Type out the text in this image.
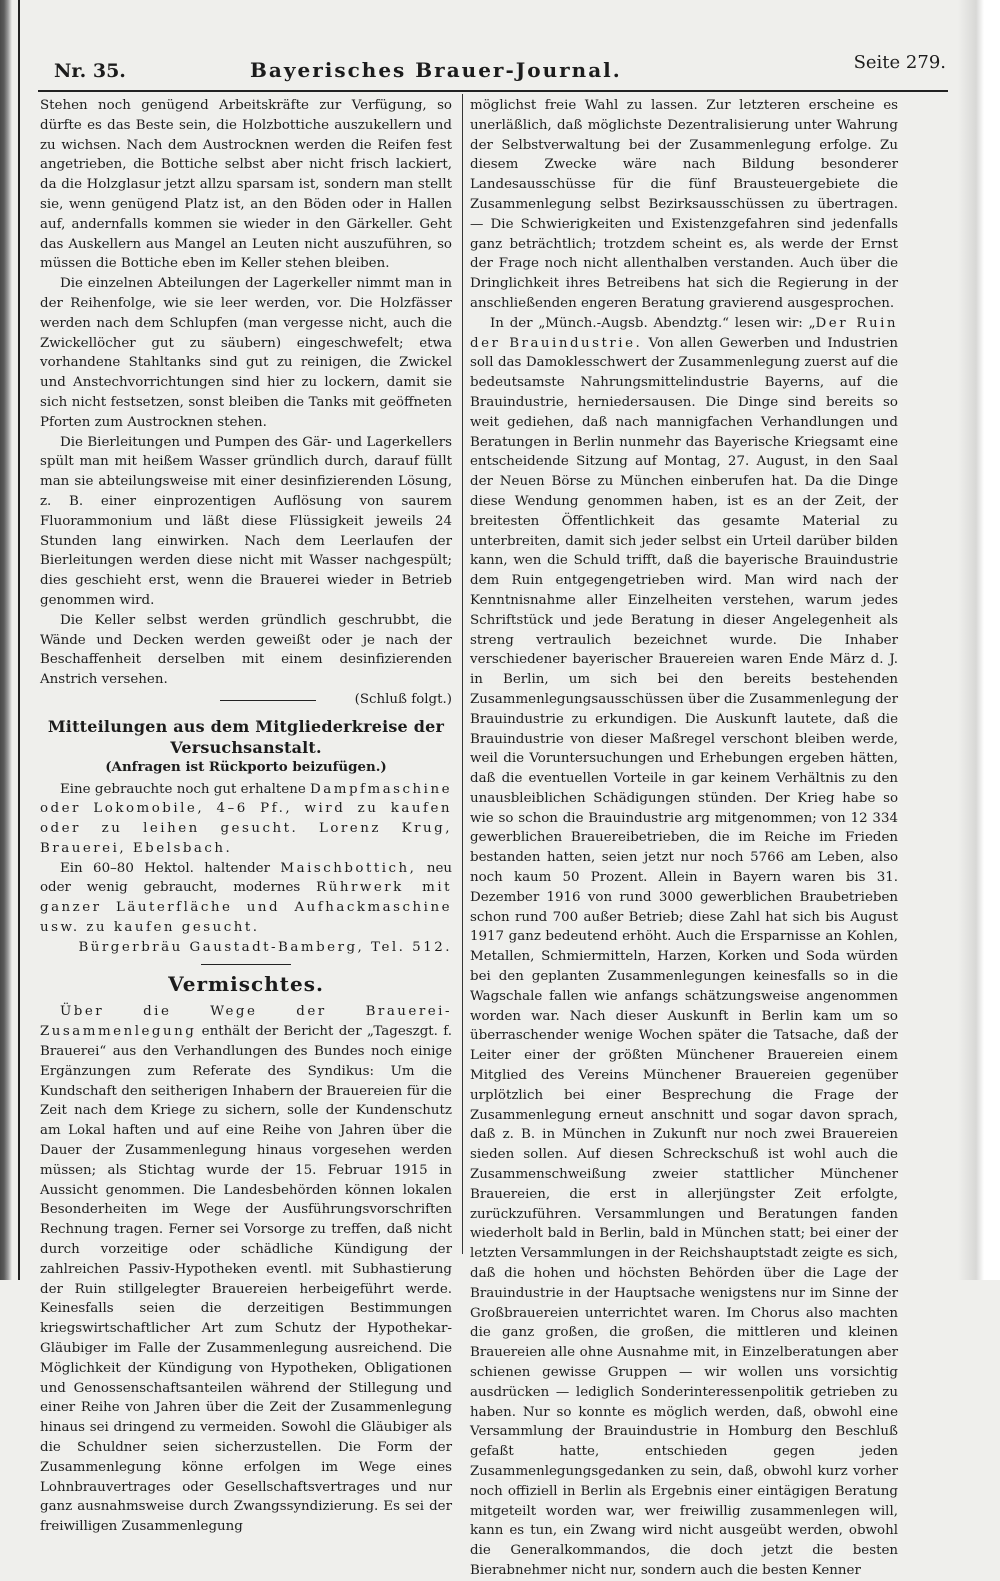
Nr. 35.	Bayerisches Brauer-Journal.	Seite 279.

Stehen noch genügend Arbeitskräfte zur Verfügung, so dürfte es das Beste sein, die Holzbottiche auszukellern und zu wichsen. Nach dem Austrocknen werden die Reifen fest angetrieben, die Bottiche selbst aber nicht frisch lackiert, da die Holzglasur jetzt allzu sparsam ist, sondern man stellt sie, wenn genügend Platz ist, an den Böden oder in Hallen auf, andernfalls kommen sie wieder in den Gärkeller. Geht das Auskellern aus Mangel an Leuten nicht auszuführen, so müssen die Bottiche eben im Keller stehen bleiben.

Die einzelnen Abteilungen der Lagerkeller nimmt man in der Reihenfolge, wie sie leer werden, vor. Die Holzfässer werden nach dem Schlupfen (man vergesse nicht, auch die Zwickellöcher gut zu säubern) eingeschwefelt; etwa vorhandene Stahltanks sind gut zu reinigen, die Zwickel und Anstechvorrichtungen sind hier zu lockern, damit sie sich nicht festsetzen, sonst bleiben die Tanks mit geöffneten Pforten zum Austrocknen stehen.

Die Bierleitungen und Pumpen des Gär- und Lagerkellers spült man mit heißem Wasser gründlich durch, darauf füllt man sie abteilungsweise mit einer desinfizierenden Lösung, z. B. einer einprozentigen Auflösung von saurem Fluorammonium und läßt diese Flüssigkeit jeweils 24 Stunden lang einwirken. Nach dem Leerlaufen der Bierleitungen werden diese nicht mit Wasser nachgespült; dies geschieht erst, wenn die Brauerei wieder in Betrieb genommen wird.

Die Keller selbst werden gründlich geschrubbt, die Wände und Decken werden geweißt oder je nach der Beschaffenheit derselben mit einem desinfizierenden Anstrich versehen.

(Schluß folgt.)

Mitteilungen aus dem Mitgliederkreise der Versuchsanstalt.
(Anfragen ist Rückporto beizufügen.)

Eine gebrauchte noch gut erhaltene Dampfmaschine oder Lokomobile, 4–6 Pf., wird zu kaufen oder zu leihen gesucht. Lorenz Krug, Brauerei, Ebelsbach.

Ein 60–80 Hektol. haltender Maischbottich, neu oder wenig gebraucht, modernes Rührwerk mit ganzer Läuterfläche und Aufhackmaschine usw. zu kaufen gesucht.

Bürgerbräu Gaustadt-Bamberg, Tel. 512.

Vermischtes.

Über die Wege der Brauerei-Zusammenlegung enthält der Bericht der „Tageszgt. f. Brauerei“ aus den Verhandlungen des Bundes noch einige Ergänzungen zum Referate des Syndikus: Um die Kundschaft den seitherigen Inhabern der Brauereien für die Zeit nach dem Kriege zu sichern, solle der Kundenschutz am Lokal haften und auf eine Reihe von Jahren über die Dauer der Zusammenlegung hinaus vorgesehen werden müssen; als Stichtag wurde der 15. Februar 1915 in Aussicht genommen. Die Landesbehörden können lokalen Besonderheiten im Wege der Ausführungsvorschriften Rechnung tragen. Ferner sei Vorsorge zu treffen, daß nicht durch vorzeitige oder schädliche Kündigung der zahlreichen Passiv-Hypotheken eventl. mit Subhastierung der Ruin stillgelegter Brauereien herbeigeführt werde. Keinesfalls seien die derzeitigen Bestimmungen kriegswirtschaftlicher Art zum Schutz der Hypothekar-Gläubiger im Falle der Zusammenlegung ausreichend. Die Möglichkeit der Kündigung von Hypotheken, Obligationen und Genossenschaftsanteilen während der Stillegung und einer Reihe von Jahren über die Zeit der Zusammenlegung hinaus sei dringend zu vermeiden. Sowohl die Gläubiger als die Schuldner seien sicherzustellen. Die Form der Zusammenlegung könne erfolgen im Wege eines Lohnbrauvertrages oder Gesellschaftsvertrages und nur ganz ausnahmsweise durch Zwangssyndizierung. Es sei der freiwilligen Zusammenlegung

möglichst freie Wahl zu lassen. Zur letzteren erscheine es unerläßlich, daß möglichste Dezentralisierung unter Wahrung der Selbstverwaltung bei der Zusammenlegung erfolge. Zu diesem Zwecke wäre nach Bildung besonderer Landesausschüsse für die fünf Brausteuergebiete die Zusammenlegung selbst Bezirksausschüssen zu übertragen. — Die Schwierigkeiten und Existenzgefahren sind jedenfalls ganz beträchtlich; trotzdem scheint es, als werde der Ernst der Frage noch nicht allenthalben verstanden. Auch über die Dringlichkeit ihres Betreibens hat sich die Regierung in der anschließenden engeren Beratung gravierend ausgesprochen.

In der „Münch.-Augsb. Abendztg.“ lesen wir: „Der Ruin der Brauindustrie. Von allen Gewerben und Industrien soll das Damoklesschwert der Zusammenlegung zuerst auf die bedeutsamste Nahrungsmittelindustrie Bayerns, auf die Brauindustrie, herniedersausen. Die Dinge sind bereits so weit gediehen, daß nach mannigfachen Verhandlungen und Beratungen in Berlin nunmehr das Bayerische Kriegsamt eine entscheidende Sitzung auf Montag, 27. August, in den Saal der Neuen Börse zu München einberufen hat. Da die Dinge diese Wendung genommen haben, ist es an der Zeit, der breitesten Öffentlichkeit das gesamte Material zu unterbreiten, damit sich jeder selbst ein Urteil darüber bilden kann, wen die Schuld trifft, daß die bayerische Brauindustrie dem Ruin entgegengetrieben wird. Man wird nach der Kenntnisnahme aller Einzelheiten verstehen, warum jedes Schriftstück und jede Beratung in dieser Angelegenheit als streng vertraulich bezeichnet wurde. Die Inhaber verschiedener bayerischer Brauereien waren Ende März d. J. in Berlin, um sich bei den bereits bestehenden Zusammenlegungsausschüssen über die Zusammenlegung der Brauindustrie zu erkundigen. Die Auskunft lautete, daß die Brauindustrie von dieser Maßregel verschont bleiben werde, weil die Voruntersuchungen und Erhebungen ergeben hätten, daß die eventuellen Vorteile in gar keinem Verhältnis zu den unausbleiblichen Schädigungen stünden. Der Krieg habe so wie so schon die Brauindustrie arg mitgenommen; von 12 334 gewerblichen Brauereibetrieben, die im Reiche im Frieden bestanden hatten, seien jetzt nur noch 5766 am Leben, also noch kaum 50 Prozent. Allein in Bayern waren bis 31. Dezember 1916 von rund 3000 gewerblichen Braubetrieben schon rund 700 außer Betrieb; diese Zahl hat sich bis August 1917 ganz bedeutend erhöht. Auch die Ersparnisse an Kohlen, Metallen, Schmiermitteln, Harzen, Korken und Soda würden bei den geplanten Zusammenlegungen keinesfalls so in die Wagschale fallen wie anfangs schätzungsweise angenommen worden war. Nach dieser Auskunft in Berlin kam um so überraschender wenige Wochen später die Tatsache, daß der Leiter einer der größten Münchener Brauereien einem Mitglied des Vereins Münchener Brauereien gegenüber urplötzlich bei einer Besprechung die Frage der Zusammenlegung erneut anschnitt und sogar davon sprach, daß z. B. in München in Zukunft nur noch zwei Brauereien sieden sollen. Auf diesen Schreckschuß ist wohl auch die Zusammenschweißung zweier stattlicher Münchener Brauereien, die erst in allerjüngster Zeit erfolgte, zurückzuführen. Versammlungen und Beratungen fanden wiederholt bald in Berlin, bald in München statt; bei einer der letzten Versammlungen in der Reichshauptstadt zeigte es sich, daß die hohen und höchsten Behörden über die Lage der Brauindustrie in der Hauptsache wenigstens nur im Sinne der Großbrauereien unterrichtet waren. Im Chorus also machten die ganz großen, die großen, die mittleren und kleinen Brauereien alle ohne Ausnahme mit, in Einzelberatungen aber schienen gewisse Gruppen — wir wollen uns vorsichtig ausdrücken — lediglich Sonderinteressenpolitik getrieben zu haben. Nur so konnte es möglich werden, daß, obwohl eine Versammlung der Brauindustrie in Homburg den Beschluß gefaßt hatte, entschieden gegen jeden Zusammenlegungsgedanken zu sein, daß, obwohl kurz vorher noch offiziell in Berlin als Ergebnis einer eintägigen Beratung mitgeteilt worden war, wer freiwillig zusammenlegen will, kann es tun, ein Zwang wird nicht ausgeübt werden, obwohl die Generalkommandos, die doch jetzt die besten Bierabnehmer nicht nur, sondern auch die besten Kenner
